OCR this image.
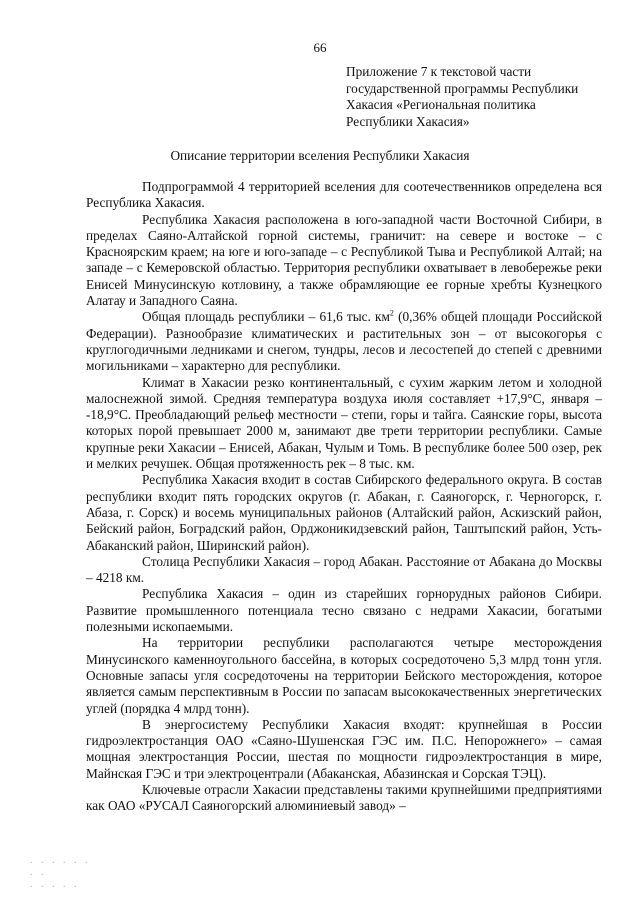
66
Приложение 7 к текстовой части
государственной программы Республики
Хакасия «Региональная политика
Республики Хакасия»
Описание территории вселения Республики Хакасия

Подпрограммой 4 территорией вселения для соотечественников определена вся Республика Хакасия.

Республика Хакасия расположена в юго-западной части Восточной Сибири, в пределах Саяно-Алтайской горной системы, граничит: на севере и востоке – с Красноярским краем; на юге и юго-западе – с Республикой Тыва и Республикой Алтай; на западе – с Кемеровской областью. Территория республики охватывает в левобережье реки Енисей Минусинскую котловину, а также обрамляющие ее горные хребты Кузнецкого Алатау и Западного Саяна.

Общая площадь республики – 61,6 тыс. $км^2$ (0,36% общей площади Российской Федерации). Разнообразие климатических и растительных зон – от высокогорья с круглогодичными ледниками и снегом, тундры, лесов и лесостепей до степей с древними могильниками – характерно для республики.

Климат в Хакасии резко континентальный, с сухим жарким летом и холодной малоснежной зимой. Средняя температура воздуха июля составляет +17,9°С, января – -18,9°С. Преобладающий рельеф местности – степи, горы и тайга. Саянские горы, высота которых порой превышает 2000 м, занимают две трети территории республики. Самые крупные реки Хакасии – Енисей, Абакан, Чулым и Томь. В республике более 500 озер, рек и мелких речушек. Общая протяженность рек – 8 тыс. км.

Республика Хакасия входит в состав Сибирского федерального округа. В состав республики входит пять городских округов (г. Абакан, г. Саяногорск, г. Черногорск, г. Абаза, г. Сорск) и восемь муниципальных районов (Алтайский район, Аскизский район, Бейский район, Боградский район, Орджоникидзевский район, Таштыпский район, Усть-Абаканский район, Ширинский район).

Столица Республики Хакасия – город Абакан. Расстояние от Абакана до Москвы – 4218 км.

Республика Хакасия – один из старейших горнорудных районов Сибири. Развитие промышленного потенциала тесно связано с недрами Хакасии, богатыми полезными ископаемыми.

На территории республики располагаются четыре месторождения Минусинского каменноугольного бассейна, в которых сосредоточено 5,3 млрд тонн угля. Основные запасы угля сосредоточены на территории Бейского месторождения, которое является самым перспективным в России по запасам высококачественных энергетических углей (порядка 4 млрд тонн).

В энергосистему Республики Хакасия входят: крупнейшая в России гидроэлектростанция ОАО «Саяно-Шушенская ГЭС им. П.С. Непорожнего» – самая мощная электростанция России, шестая по мощности гидроэлектростанция в мире, Майнская ГЭС и три электроцентрали (Абаканская, Абазинская и Сорская ТЭЦ).

Ключевые отрасли Хакасии представлены такими крупнейшими предприятиями как ОАО «РУСАЛ Саяногорский алюминиевый завод» –

. . . . . .
. .
. . . . .
